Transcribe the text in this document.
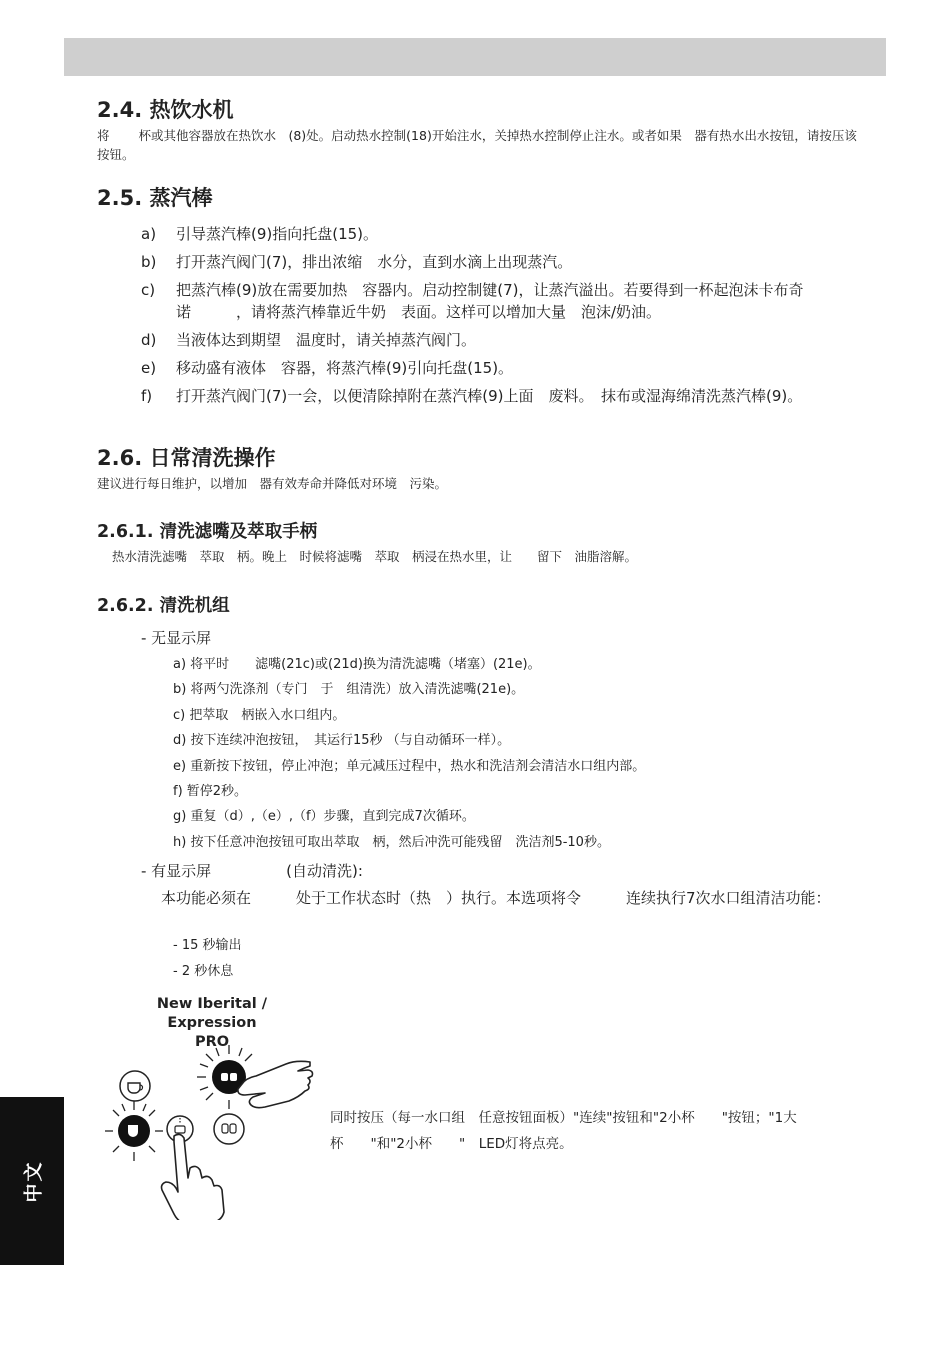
中文
2.4. 热饮水机

将　　 杯或其他容器放在热饮水　(8)处。启动热水控制(18)开始注水，关掉热水控制停止注水。或者如果　器有热水出水按钮，请按压该按钮。

2.5. 蒸汽棒
a)	引导蒸汽棒(9)指向托盘(15)。
b)	打开蒸汽阀门(7)，排出浓缩　水分，直到水滴上出现蒸汽。
c)	把蒸汽棒(9)放在需要加热　容器内。启动控制键(7)，让蒸汽溢出。若要得到一杯起泡沫卡布奇诺　　　，请将蒸汽棒靠近牛奶　表面。这样可以增加大量　泡沫/奶油。
d)	当液体达到期望　温度时，请关掉蒸汽阀门。
e)	移动盛有液体　容器，将蒸汽棒(9)引向托盘(15)。
f)	打开蒸汽阀门(7)一会，以便清除掉附在蒸汽棒(9)上面　废料。　抹布或湿海绵清洗蒸汽棒(9)。
2.6. 日常清洗操作

建议进行每日维护，以增加　器有效寿命并降低对环境　污染。

2.6.1. 清洗滤嘴及萃取手柄

热水清洗滤嘴　萃取　柄。晚上　时候将滤嘴　萃取　柄浸在热水里，让　　留下　油脂溶解。

2.6.2. 清洗机组

- 无显示屏

a) 将平时　　滤嘴(21c)或(21d)换为清洗滤嘴（堵塞）(21e)。
b) 将两勺洗涤剂（专门　于　组清洗）放入清洗滤嘴(21e)。
c) 把萃取　柄嵌入水口组内。
d) 按下连续冲泡按钮，　其运行15秒 （与自动循环一样）。
e) 重新按下按钮，停止冲泡；单元减压过程中，热水和洗洁剂会清洁水口组内部。
f) 暂停2秒。
g) 重复（d）,（e）,（f）步骤，直到完成7次循环。
h) 按下任意冲泡按钮可取出萃取　柄，然后冲洗可能残留　洗洁剂5-10秒。

- 有显示屏　　　　　(自动清洗):

本功能必须在　　　处于工作状态时（热　）执行。本选项将令　　　连续执行7次水口组清洁功能：

- 15 秒输出
- 2 秒休息
New Iberital / Expression
PRO

同时按压（每一水口组　任意按钮面板）"连续"按钮和"2小杯　　"按钮；"1大杯　　"和"2小杯　　"　LED灯将点亮。
